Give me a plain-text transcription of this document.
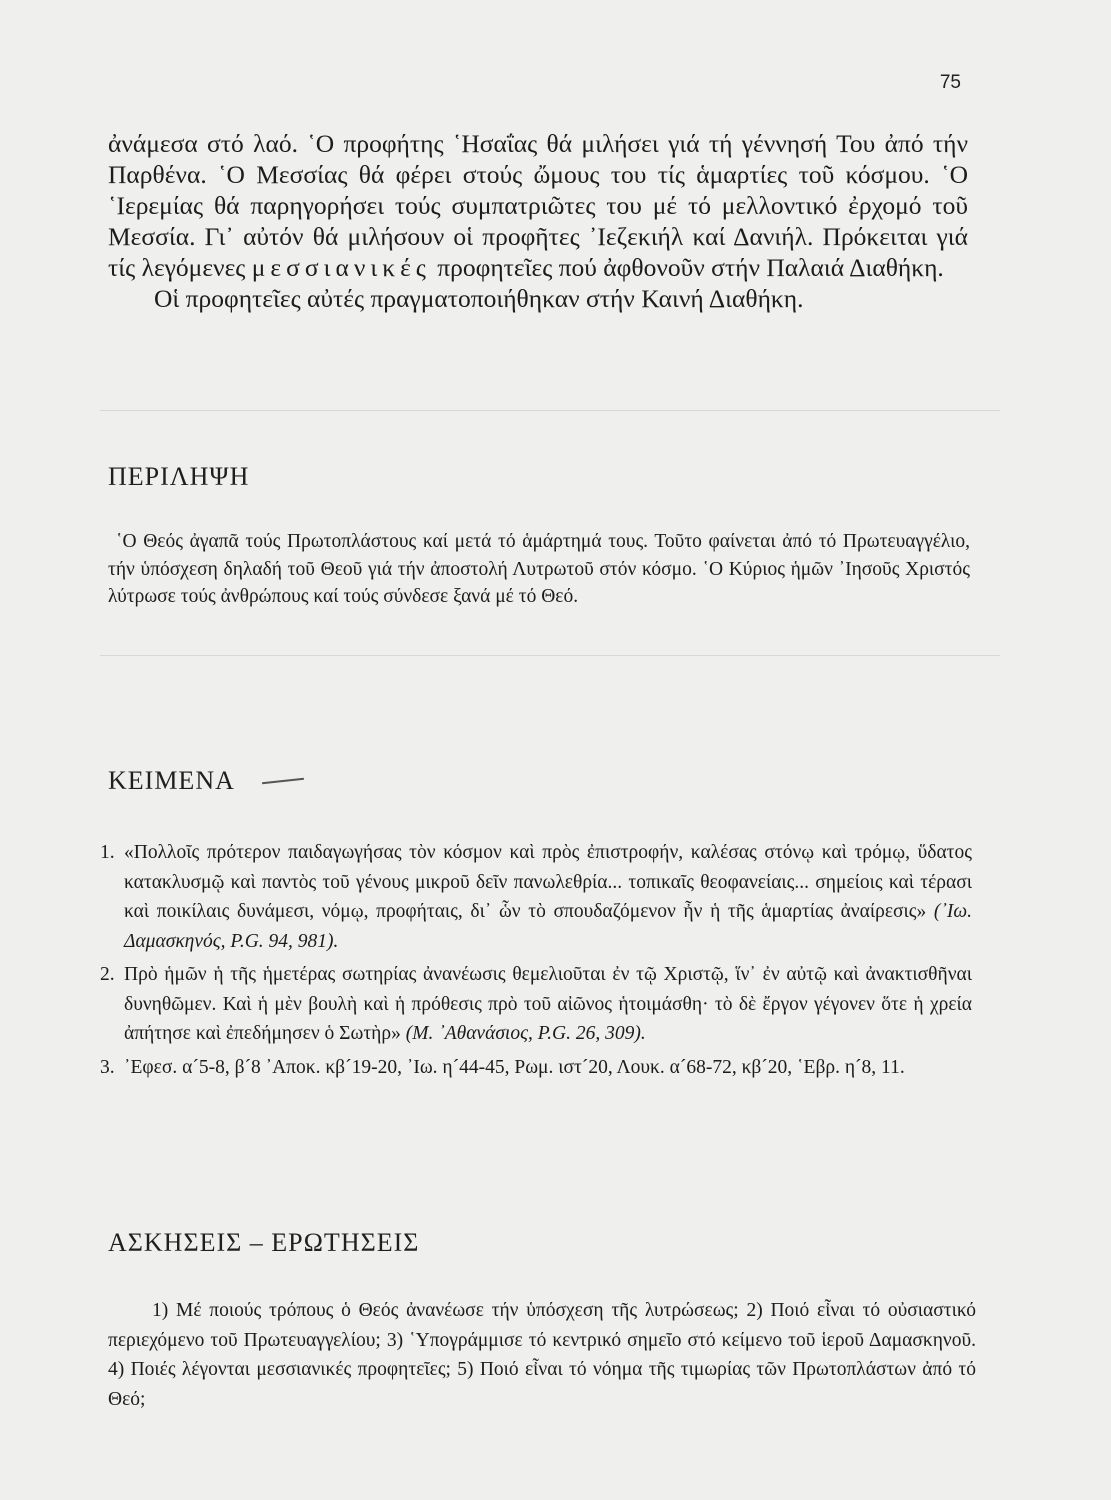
75

ἀνάμεσα στό λαό. ῾Ο προφήτης ῾Ησαΐας θά μιλήσει γιά τή γέννησή Του ἀπό τήν Παρθένα. ῾Ο Μεσσίας θά φέρει στούς ὤμους του τίς ἁμαρτίες τοῦ κόσμου. ῾Ο ῾Ιερεμίας θά παρηγορήσει τούς συμπατριῶτες του μέ τό μελλοντικό ἐρχομό τοῦ Μεσσία. Γι᾽ αὐτόν θά μιλήσουν οἱ προφῆτες ᾽Ιεζεκιήλ καί Δανιήλ. Πρόκειται γιά τίς λεγόμενες μεσσιανικές προφητεῖες πού ἀφθονοῦν στήν Παλαιά Διαθήκη.

Οἱ προφητεῖες αὐτές πραγματοποιήθηκαν στήν Καινή Διαθήκη.

ΠΕΡΙΛΗΨΗ

῾Ο Θεός ἀγαπᾶ τούς Πρωτοπλάστους καί μετά τό ἁμάρτημά τους. Τοῦτο φαίνεται ἀπό τό Πρωτευαγγέλιο, τήν ὑπόσχεση δηλαδή τοῦ Θεοῦ γιά τήν ἀποστολή Λυτρωτοῦ στόν κόσμο. ῾Ο Κύριος ἡμῶν ᾽Ιησοῦς Χριστός λύτρωσε τούς ἀνθρώπους καί τούς σύνδεσε ξανά μέ τό Θεό.

ΚΕΙΜΕΝΑ
1. «Πολλοῖς πρότερον παιδαγωγήσας τὸν κόσμον καὶ πρὸς ἐπιστροφήν, καλέσας στόνῳ καὶ τρόμῳ, ὕδατος κατακλυσμῷ καὶ παντὸς τοῦ γένους μικροῦ δεῖν πανωλεθρία... τοπικαῖς θεοφανείαις... σημείοις καὶ τέρασι καὶ ποικίλαις δυνάμεσι, νόμῳ, προφήταις, δι᾽ ὧν τὸ σπουδαζόμενον ἦν ἡ τῆς ἁμαρτίας ἀναίρεσις» (᾽Ιω. Δαμασκηνός, P.G. 94, 981).
2. Πρὸ ἡμῶν ἡ τῆς ἡμετέρας σωτηρίας ἀνανέωσις θεμελιοῦται ἐν τῷ Χριστῷ, ἵν᾽ ἐν αὐτῷ καὶ ἀνακτισθῆναι δυνηθῶμεν. Καὶ ἡ μὲν βουλὴ καὶ ἡ πρόθεσις πρὸ τοῦ αἰῶνος ἡτοιμάσθη· τὸ δὲ ἔργον γέγονεν ὅτε ἡ χρεία ἀπήτησε καὶ ἐπεδήμησεν ὁ Σωτὴρ» (Μ. ᾽Αθανάσιος, P.G. 26, 309).
3. ᾽Εφεσ. α´5-8, β´8 ᾽Αποκ. κβ´19-20, ᾽Ιω. η´44-45, Ρωμ. ιστ´20, Λουκ. α´68-72, κβ´20, ῾Εβρ. η´8, 11.
ΑΣΚΗΣΕΙΣ – ΕΡΩΤΗΣΕΙΣ

1) Μέ ποιούς τρόπους ὁ Θεός ἀνανέωσε τήν ὑπόσχεση τῆς λυτρώσεως; 2) Ποιό εἶναι τό οὐσιαστικό περιεχόμενο τοῦ Πρωτευαγγελίου; 3) ῾Υπογράμμισε τό κεντρικό σημεῖο στό κείμενο τοῦ ἱεροῦ Δαμασκηνοῦ. 4) Ποιές λέγονται μεσσιανικές προφητεῖες; 5) Ποιό εἶναι τό νόημα τῆς τιμωρίας τῶν Πρωτοπλάστων ἀπό τό Θεό;
